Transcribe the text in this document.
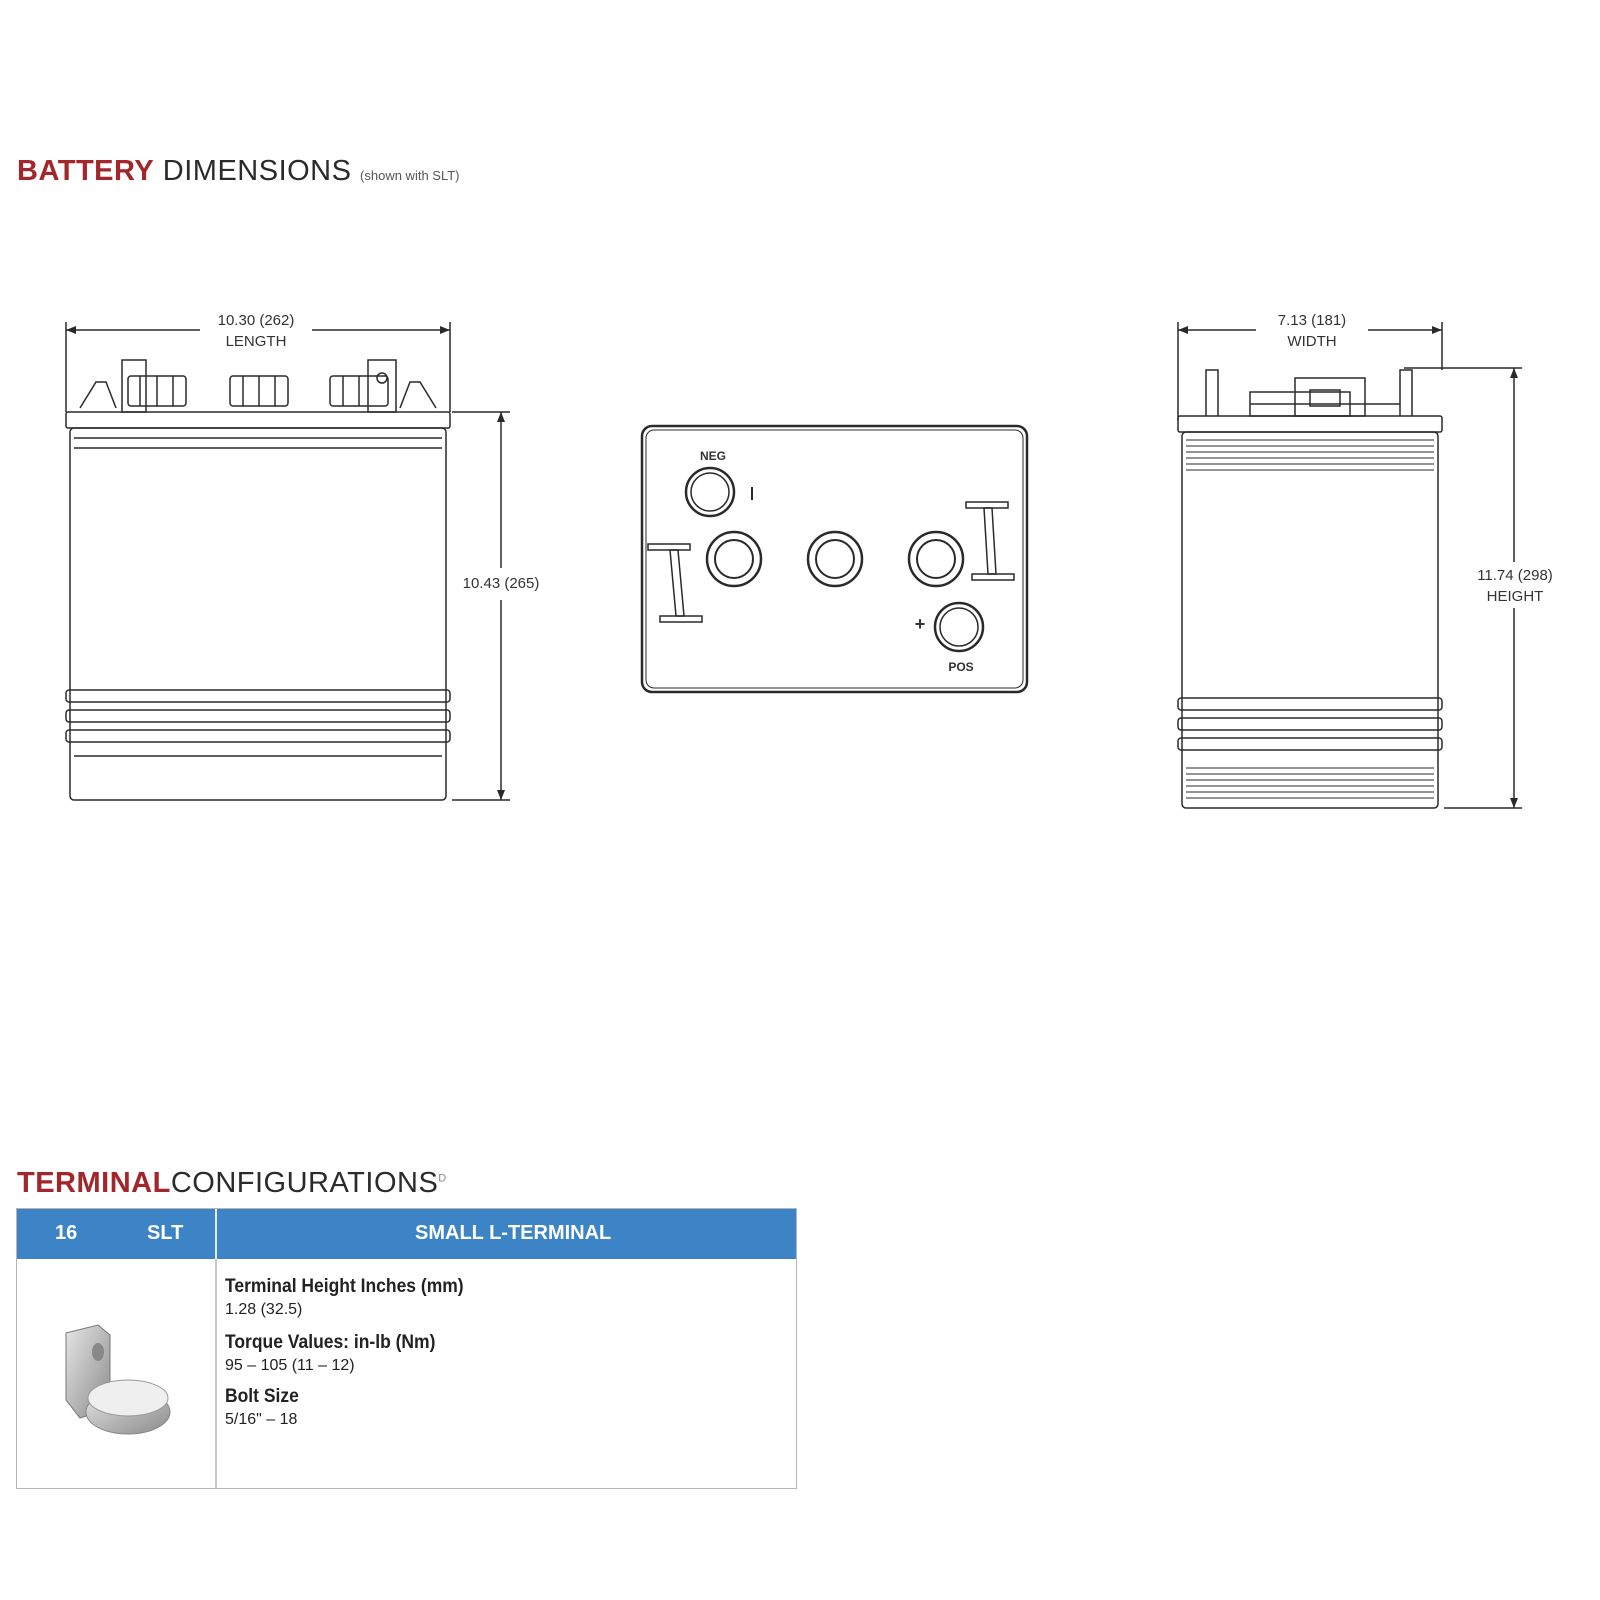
BATTERY DIMENSIONS (shown with SLT)
10.30 (262)
LENGTH
10.43 (265)
NEG
POS
+
7.13 (181)
WIDTH
11.74 (298)
HEIGHT
$TERMINALCONFIGURATIONS^D$
16	SLT	SMALL L-TERMINAL
Terminal Height Inches (mm)
1.28 (32.5)
Torque Values: in-lb (Nm)
95 – 105 (11 – 12)
Bolt Size
5/16" – 18
